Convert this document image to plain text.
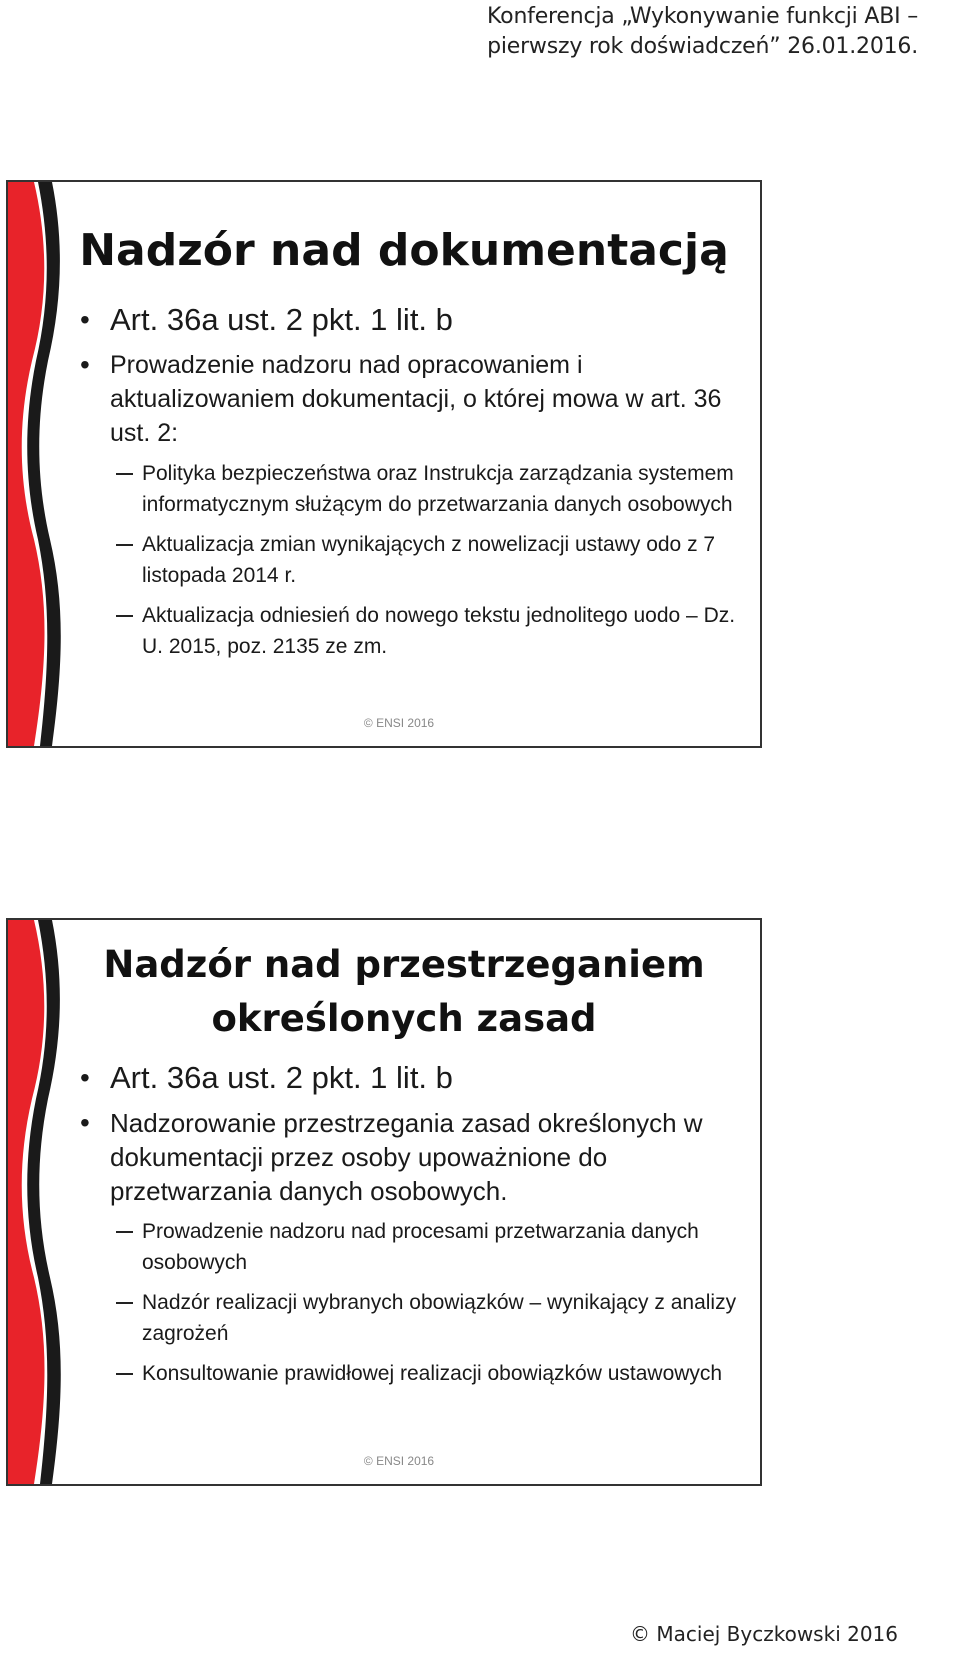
Konferencja „Wykonywanie funkcji ABI –
pierwszy rok doświadczeń” 26.01.2016.
Nadzór nad dokumentacją
• Art. 36a ust. 2 pkt. 1 lit. b
• Prowadzenie nadzoru nad opracowaniem i aktualizowaniem dokumentacji, o której mowa w art. 36 ust. 2:
Polityka bezpieczeństwa oraz Instrukcja zarządzania systemem informatycznym służącym do przetwarzania danych osobowych
Aktualizacja zmian wynikających z nowelizacji ustawy odo z 7 listopada 2014 r.
Aktualizacja odniesień do nowego tekstu jednolitego uodo – Dz. U. 2015, poz. 2135 ze zm.
© ENSI 2016
Nadzór nad przestrzeganiem
określonych zasad
• Art. 36a ust. 2 pkt. 1 lit. b
• Nadzorowanie przestrzegania zasad określonych w dokumentacji przez osoby upoważnione do przetwarzania danych osobowych.
Prowadzenie nadzoru nad procesami przetwarzania danych osobowych
Nadzór realizacji wybranych obowiązków – wynikający z analizy zagrożeń
Konsultowanie prawidłowej realizacji obowiązków ustawowych
© ENSI 2016
© Maciej Byczkowski 2016
